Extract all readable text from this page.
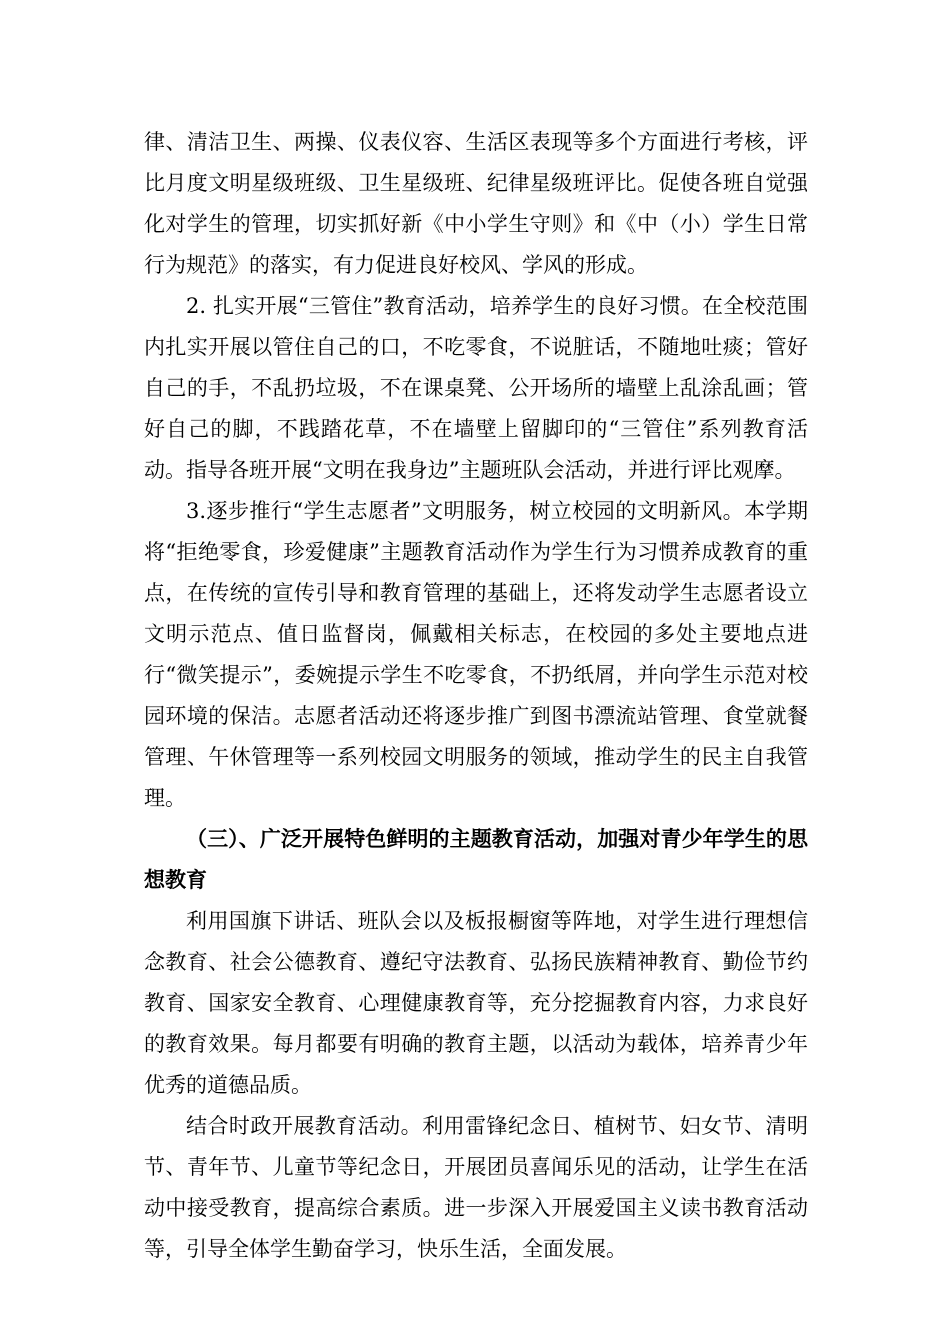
律、清洁卫生、两操、仪表仪容、生活区表现等多个方面进行考核，评比月度文明星级班级、卫生星级班、纪律星级班评比。促使各班自觉强化对学生的管理，切实抓好新《中小学生守则》和《中（小）学生日常行为规范》的落实，有力促进良好校风、学风的形成。

2. 扎实开展“三管住”教育活动，培养学生的良好习惯。在全校范围内扎实开展以管住自己的口，不吃零食，不说脏话，不随地吐痰；管好自己的手，不乱扔垃圾，不在课桌凳、公开场所的墙壁上乱涂乱画；管好自己的脚，不践踏花草，不在墙壁上留脚印的“三管住”系列教育活动。指导各班开展“文明在我身边”主题班队会活动，并进行评比观摩。

3.逐步推行“学生志愿者”文明服务，树立校园的文明新风。本学期将“拒绝零食，珍爱健康”主题教育活动作为学生行为习惯养成教育的重点，在传统的宣传引导和教育管理的基础上，还将发动学生志愿者设立文明示范点、值日监督岗，佩戴相关标志，在校园的多处主要地点进行“微笑提示”，委婉提示学生不吃零食，不扔纸屑，并向学生示范对校园环境的保洁。志愿者活动还将逐步推广到图书漂流站管理、食堂就餐管理、午休管理等一系列校园文明服务的领域，推动学生的民主自我管理。

（三）、广泛开展特色鲜明的主题教育活动，加强对青少年学生的思想教育

利用国旗下讲话、班队会以及板报橱窗等阵地，对学生进行理想信念教育、社会公德教育、遵纪守法教育、弘扬民族精神教育、勤俭节约教育、国家安全教育、心理健康教育等，充分挖掘教育内容，力求良好的教育效果。每月都要有明确的教育主题，以活动为载体，培养青少年优秀的道德品质。

结合时政开展教育活动。利用雷锋纪念日、植树节、妇女节、清明节、青年节、儿童节等纪念日，开展团员喜闻乐见的活动，让学生在活动中接受教育，提高综合素质。进一步深入开展爱国主义读书教育活动等，引导全体学生勤奋学习，快乐生活，全面发展。
